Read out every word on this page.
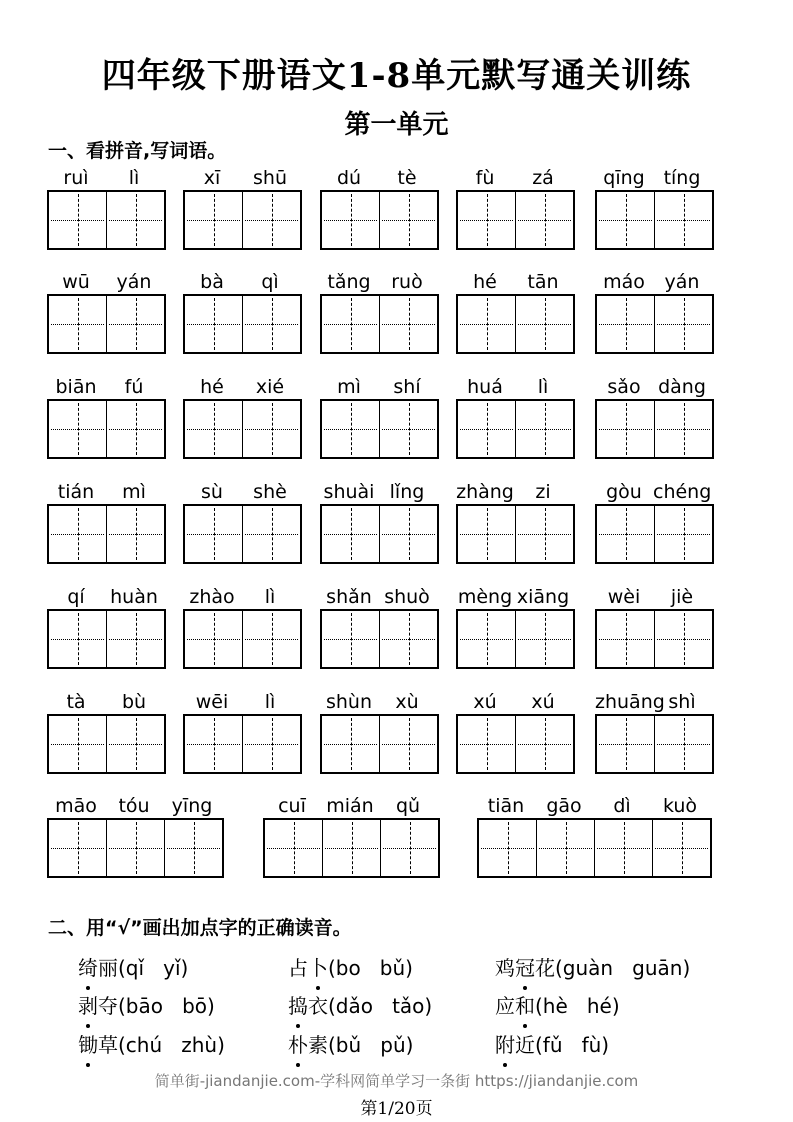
四年级下册语文1-8单元默写通关训练
第一单元
一、看拼音,写词语。
ruì	lì	xī	shū	dú	tè	fù	zá	qīng tíng
wū	yán	bà	qì	tǎng	ruò	hé	tān	máo	yán
biān	fú	hé	xié	mì	shí	huá	lì	sǎo dàng
tián	mì	sù	shè	shuài lǐng	zhàng	zi	gòu chéng
qí	huàn	zhào	lì	shǎn shuò	mèng xiāng	wèi	jiè
tà	bù	wēi	lì	shùn	xù	xú	xú	zhuāng shì
māo	tóu	yīng	cuī	mián	qǔ	tiān	gāo	dì	kuò
二、用“√”画出加点字的正确读音。
绮丽(qǐ   yǐ)	占卜(bo   bǔ)	鸡冠花(guàn   guān)
剥夺(bāo   bō)	捣衣(dǎo   tǎo)	应和(hè   hé)
锄草(chú   zhù)	朴素(bǔ   pǔ)	附近(fǔ   fù)
简单街-jiandanjie.com-学科网简单学习一条街 https://jiandanjie.com
第1/20页
